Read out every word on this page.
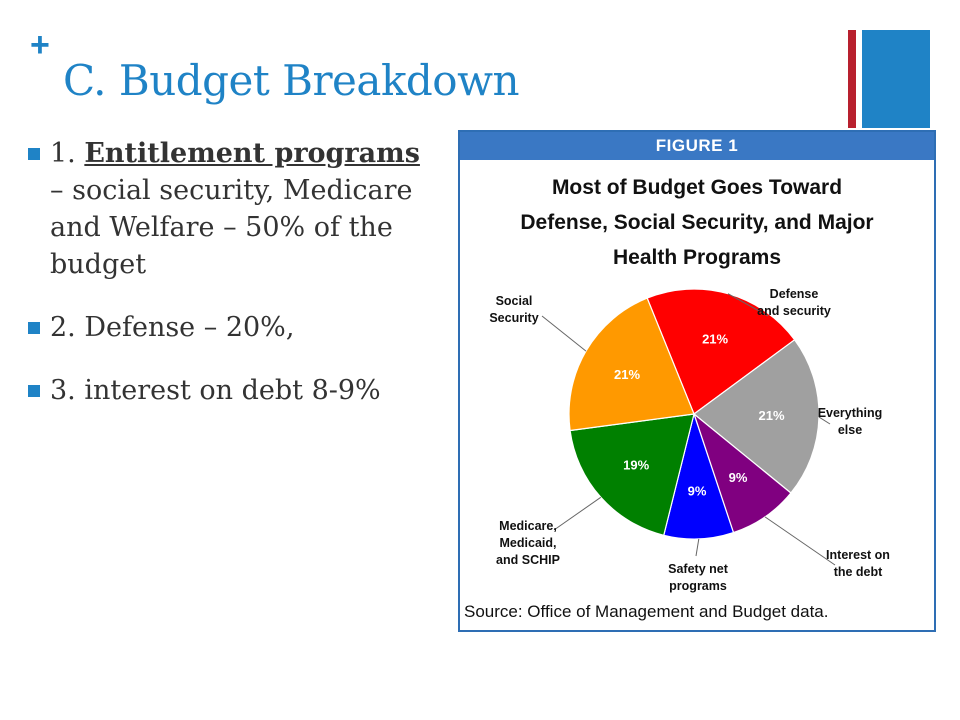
+
C. Budget Breakdown
1. Entitlement programs – social security, Medicare and Welfare – 50% of the budget
2. Defense – 20%,
3. interest on debt 8-9%
FIGURE 1
Most of Budget Goes Toward
Defense, Social Security, and Major
Health Programs
21%
Defense and security
21%	Everything else
9%
Interest on the debt
9%
Safety net programs
19%
Medicare, Medicaid, and SCHIP
21%
Social Security
Source: Office of Management and Budget data.
